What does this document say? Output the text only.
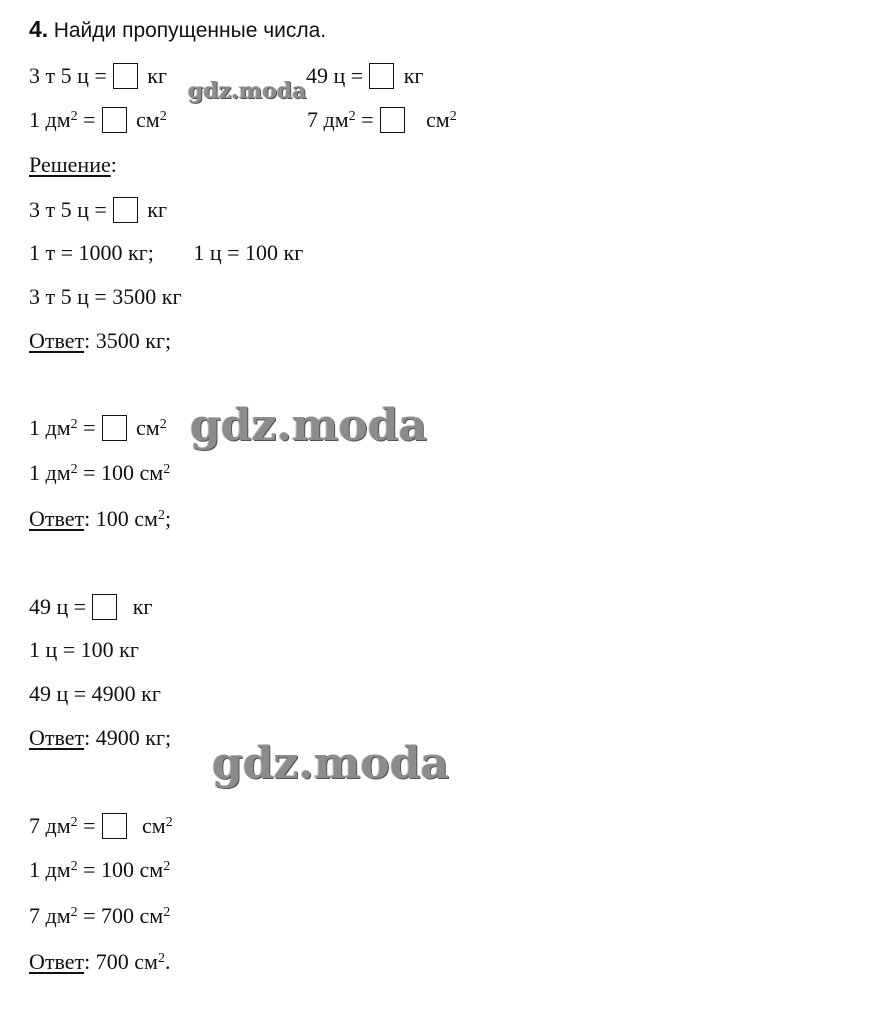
4. Найди пропущенные числа.
3 т 5 ц = кг	49 ц = кг
1 $дм^2 = см^2$	7 $дм^2 = см^2$
Решение:
3 т 5 ц = кг
1 т = 1000 кг; 1 ц = 100 кг
3 т 5 ц = 3500 кг
Ответ: 3500 кг;
1 $дм^2 = см^2$
1 $дм^2 = 100$ $см^2$
Ответ: 100 $см^2$;
49 ц = кг
1 ц = 100 кг
49 ц = 4900 кг
Ответ: 4900 кг;
7 $дм^2 = см^2$
1 $дм^2 = 100$ $см^2$
7 $дм^2 = 700$ $см^2$
Ответ: 700 $см^2$.
gdz.moda
gdz.moda
gdz.moda
